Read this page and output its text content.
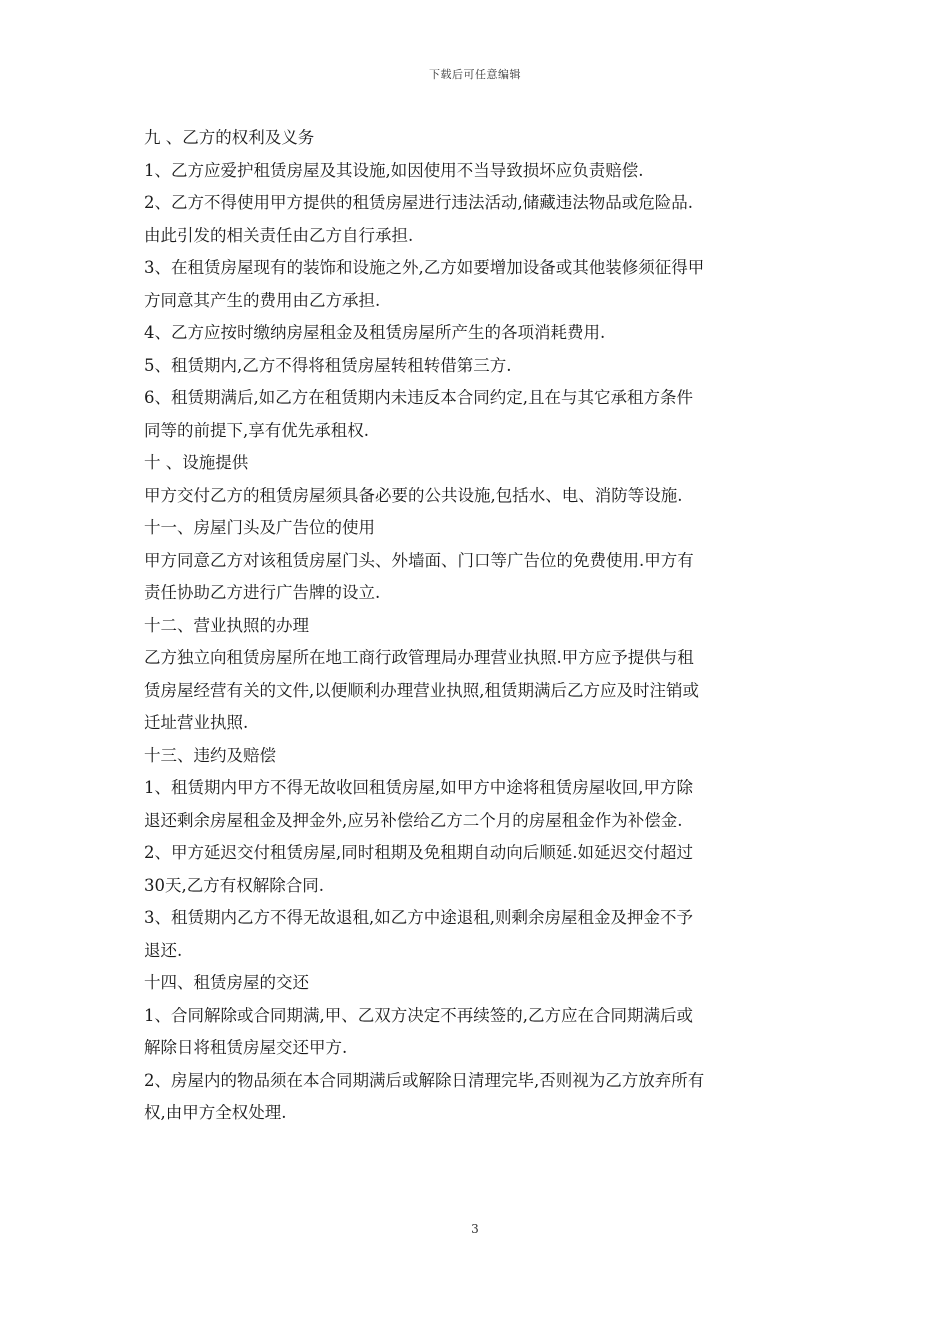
下载后可任意编辑
九 、乙方的权利及义务
1、乙方应爱护租赁房屋及其设施,如因使用不当导致损坏应负责赔偿.
2、乙方不得使用甲方提供的租赁房屋进行违法活动,储藏违法物品或危险品.
由此引发的相关责任由乙方自行承担.
3、在租赁房屋现有的装饰和设施之外,乙方如要增加设备或其他装修须征得甲
方同意其产生的费用由乙方承担.
4、乙方应按时缴纳房屋租金及租赁房屋所产生的各项消耗费用.
5、租赁期内,乙方不得将租赁房屋转租转借第三方.
6、租赁期满后,如乙方在租赁期内未违反本合同约定,且在与其它承租方条件
同等的前提下,享有优先承租权.
十 、设施提供
甲方交付乙方的租赁房屋须具备必要的公共设施,包括水、电、消防等设施.
十一、房屋门头及广告位的使用
甲方同意乙方对该租赁房屋门头、外墙面、门口等广告位的免费使用.甲方有
责任协助乙方进行广告牌的设立.
十二、营业执照的办理
乙方独立向租赁房屋所在地工商行政管理局办理营业执照.甲方应予提供与租
赁房屋经营有关的文件,以便顺利办理营业执照,租赁期满后乙方应及时注销或
迁址营业执照.
十三、违约及赔偿
1、租赁期内甲方不得无故收回租赁房屋,如甲方中途将租赁房屋收回,甲方除
退还剩余房屋租金及押金外,应另补偿给乙方二个月的房屋租金作为补偿金.
2、甲方延迟交付租赁房屋,同时租期及免租期自动向后顺延.如延迟交付超过
30天,乙方有权解除合同.
3、租赁期内乙方不得无故退租,如乙方中途退租,则剩余房屋租金及押金不予
退还.
十四、租赁房屋的交还
1、合同解除或合同期满,甲、乙双方决定不再续签的,乙方应在合同期满后或
解除日将租赁房屋交还甲方.
2、房屋内的物品须在本合同期满后或解除日清理完毕,否则视为乙方放弃所有
权,由甲方全权处理.
3
